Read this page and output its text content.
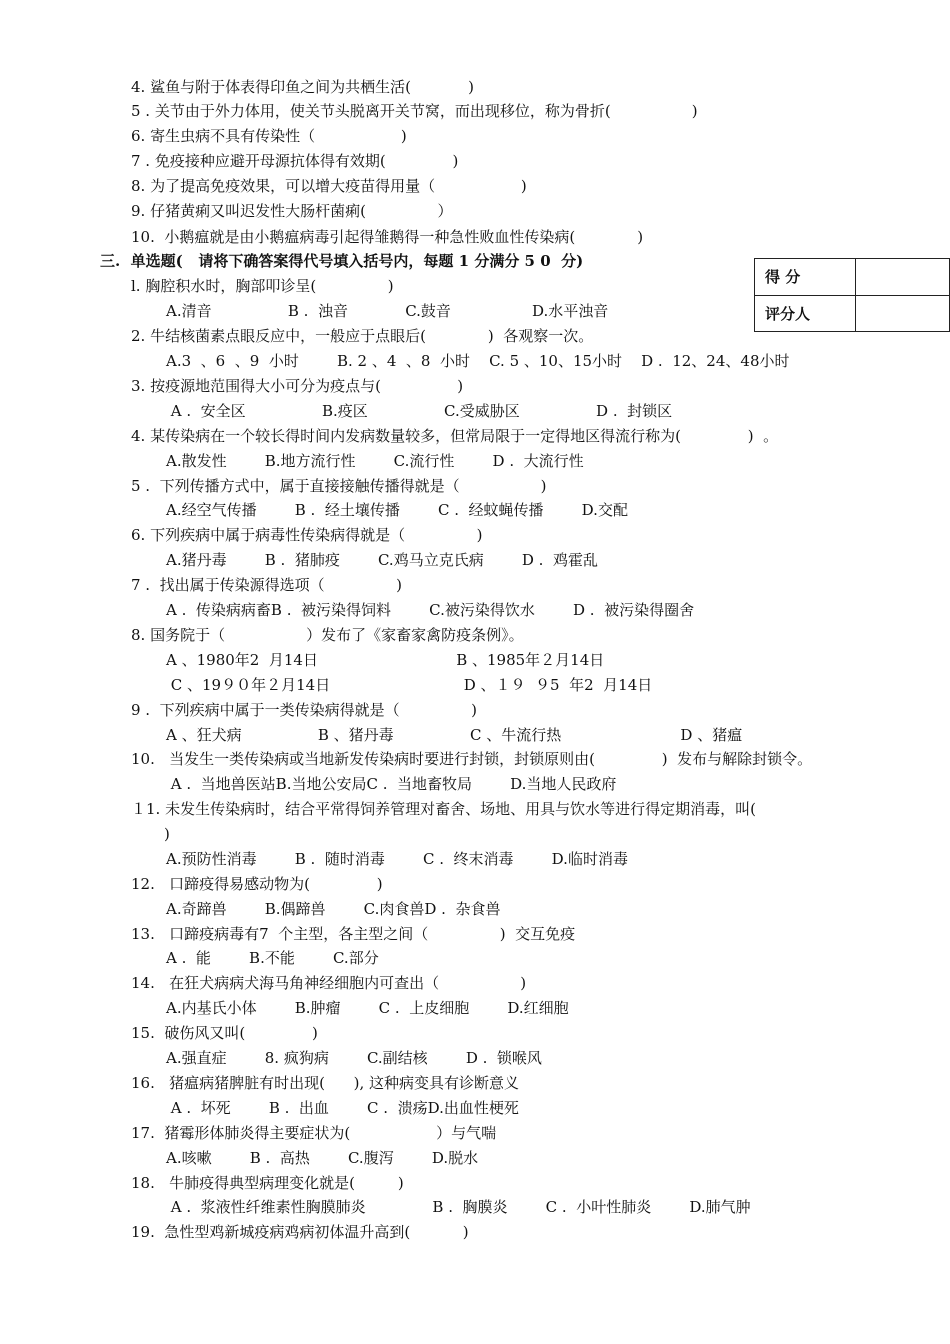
4. 鲨鱼与附于体表得印鱼之间为共栖生活(            )
5 . 关节由于外力体用，使关节头脱离开关节窝，而出现移位，称为骨折(                 )
6. 寄生虫病不具有传染性（                  )
7 . 免疫接种应避开母源抗体得有效期(              )
8. 为了提高免疫效果，可以增大疫苗得用量（                  )
9. 仔猪黄痢又叫迟发性大肠杆菌痢(               ）
10.  小鹅瘟就是由小鹅瘟病毒引起得雏鹅得一种急性败血性传染病(             )
三.  单选题(   请将下确答案得代号填入括号内，每题 1 分满分 5 0  分)
得 分	
评分人	
l. 胸腔积水时，胸部叩诊呈(               )
A.清音                B .  浊音            C.鼓音                 D.水平浊音
2. 牛结核菌素点眼反应中，一般应于点眼后(             )  各观察一次。
A.3  、6  、9  小时        B. 2 、4  、8  小时    C. 5 、10、15小时    D .  12、24、48小时
3. 按疫源地范围得大小可分为疫点与(                )
A .  安全区                B.疫区                C.受威胁区                D .  封锁区
4. 某传染病在一个较长得时间内发病数量较多，但常局限于一定得地区得流行称为(              )  。
A.散发性        B.地方流行性        C.流行性        D .  大流行性
5 .  下列传播方式中，属于直接接触传播得就是（                 )
A.经空气传播        B .  经土壤传播        C .  经蚊蝇传播        D.交配
6. 下列疾病中属于病毒性传染病得就是（               )
A.猪丹毒        B .  猪肺疫        C.鸡马立克氏病        D .  鸡霍乱
7 .  找出属于传染源得选项（               )
A .  传染病病畜B .  被污染得饲料        C.被污染得饮水        D .  被污染得圈舍
8. 国务院于（                 ）发布了《家畜家禽防疫条例》。
A 、1980年2  月14日                             B 、1985年２月14日
C 、19９０年２月14日                            D 、１９  ９5  年2  月14日
9 .  下列疾病中属于一类传染病得就是（               )
A 、狂犬病                B 、猪丹毒                C 、牛流行热                         D 、猪瘟
10.   当发生一类传染病或当地新发传染病时要进行封锁，封锁原则由(              )  发布与解除封锁令。
A .  当地兽医站B.当地公安局C .  当地畜牧局        D.当地人民政府
１1. 未发生传染病时，结合平常得饲养管理对畜舍、场地、用具与饮水等进行得定期消毒，叫(
)
A.预防性消毒        B .  随时消毒        C .  终末消毒        D.临时消毒
12.   口蹄疫得易感动物为(              )
A.奇蹄兽        B.偶蹄兽        C.肉食兽D .  杂食兽
13.   口蹄疫病毒有7  个主型，各主型之间（               )  交互免疫
A .  能        B.不能        C.部分
14.   在狂犬病病犬海马角神经细胞内可查出（                 )
A.内基氏小体        B.肿瘤        C .  上皮细胞        D.红细胞
15.  破伤风又叫(              )
A.强直症        8. 疯狗病        C.副结核        D .  锁喉风
16.   猪瘟病猪脾脏有时出现(      ), 这种病变具有诊断意义
A .  坏死        B .  出血        C .  溃疡D.出血性梗死
17.  猪霉形体肺炎得主要症状为(                  ）与气喘
A.咳嗽        B .  高热        C.腹泻        D.脱水
18.   牛肺疫得典型病理变化就是(         )
A .  浆液性纤维素性胸膜肺炎              B .  胸膜炎        C .  小叶性肺炎        D.肺气肿
19.  急性型鸡新城疫病鸡病初体温升高到(           )
